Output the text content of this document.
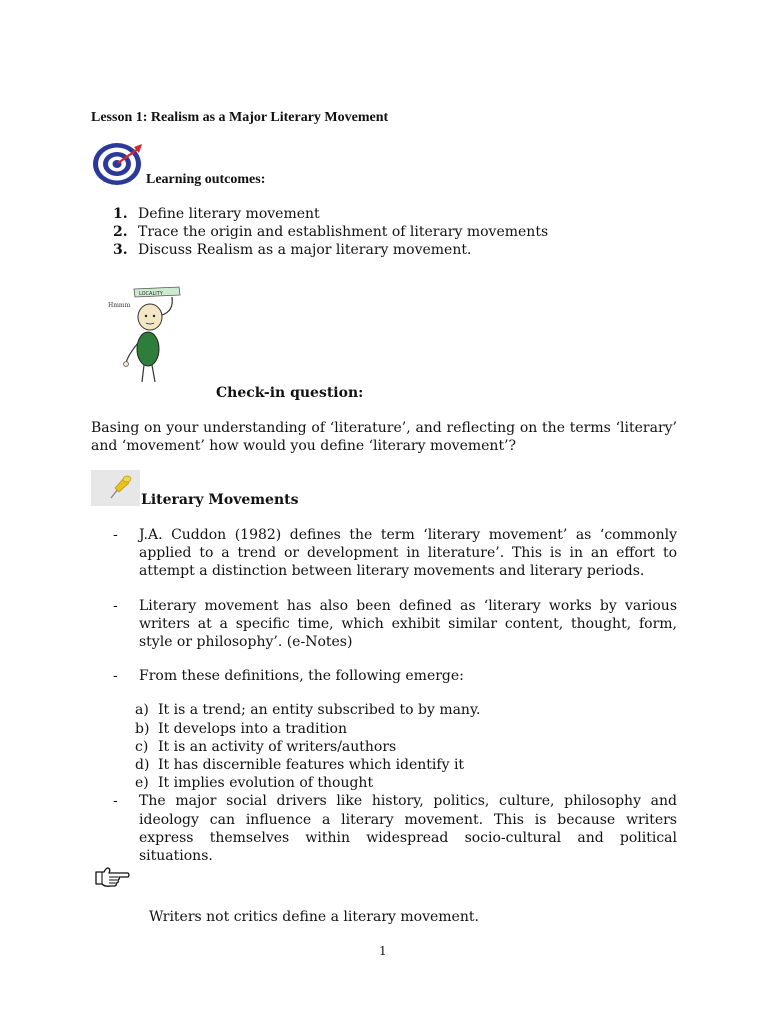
Lesson 1: Realism as a Major Literary Movement
Learning outcomes:
1. Define literary movement
2. Trace the origin and establishment of literary movements
3. Discuss Realism as a major literary movement.
LOCALITY
Hmmm
Check-in question:
Basing on your understanding of ‘literature’, and reflecting on the terms ‘literary’ and ‘movement’ how would you define ‘literary movement’?
Literary Movements
-	J.A. Cuddon (1982) defines the term ‘literary movement’ as ‘commonly applied to a trend or development in literature’. This is in an effort to attempt a distinction between literary movements and literary periods.
-	Literary movement has also been defined as ‘literary works by various writers at a specific time, which exhibit similar content, thought, form, style or philosophy’. (e-Notes)
-	From these definitions, the following emerge:
a) It is a trend; an entity subscribed to by many.
b) It develops into a tradition
c) It is an activity of writers/authors
d) It has discernible features which identify it
e) It implies evolution of thought
-	The major social drivers like history, politics, culture, philosophy and ideology can influence a literary movement. This is because writers express themselves within widespread socio-cultural and political situations.
Writers not critics define a literary movement.
1
